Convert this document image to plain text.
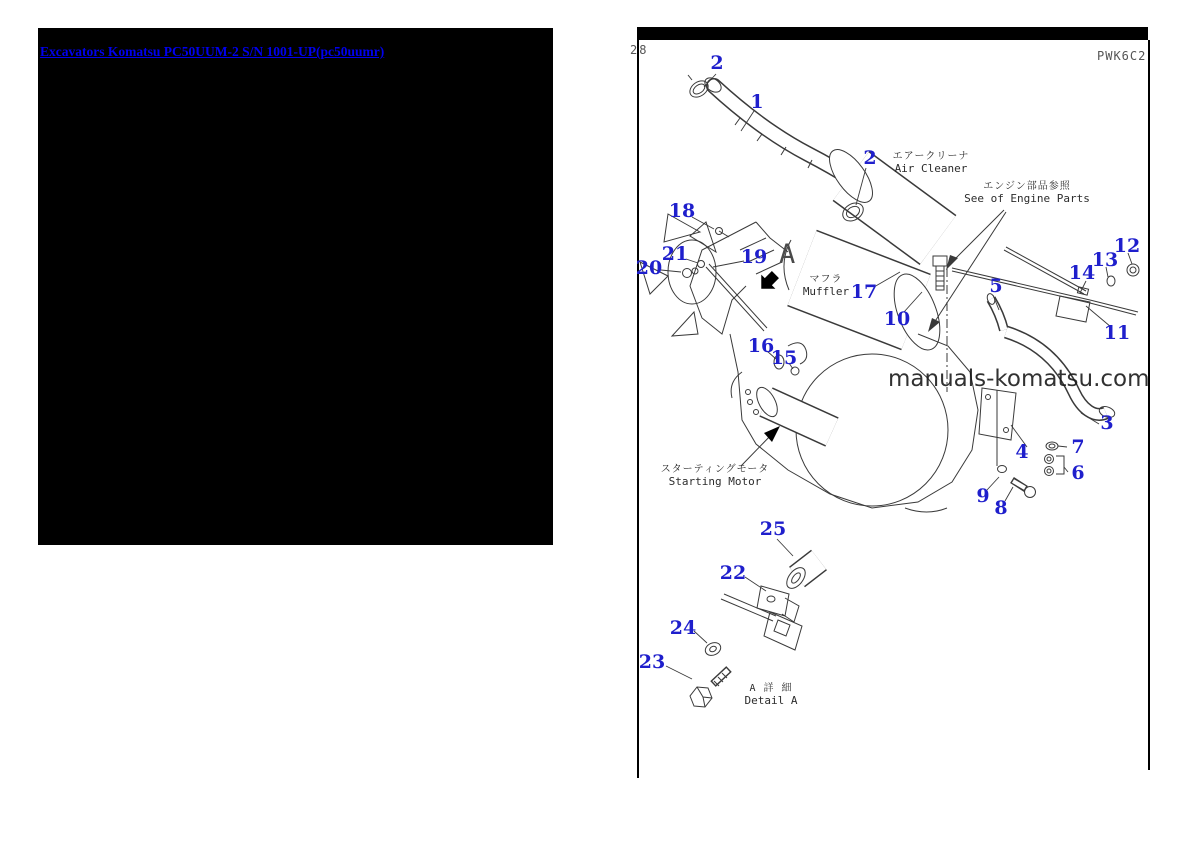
Excavators Komatsu PC50UUM-2 S/N 1001-UP(pc50uumr)	28	PWK6C2
manuals-komatsu.com
エアークリーナ
Air Cleaner
エンジン部品参照
See of Engine Parts
マフラ
Muffler
スターティングモータ
Starting Motor
A 詳 細
Detail A
A
2
1
2
18
12
21	19	13
20	14
5
17
10
11
16
15
3
7
4
6
9
8
25
22
24
23
